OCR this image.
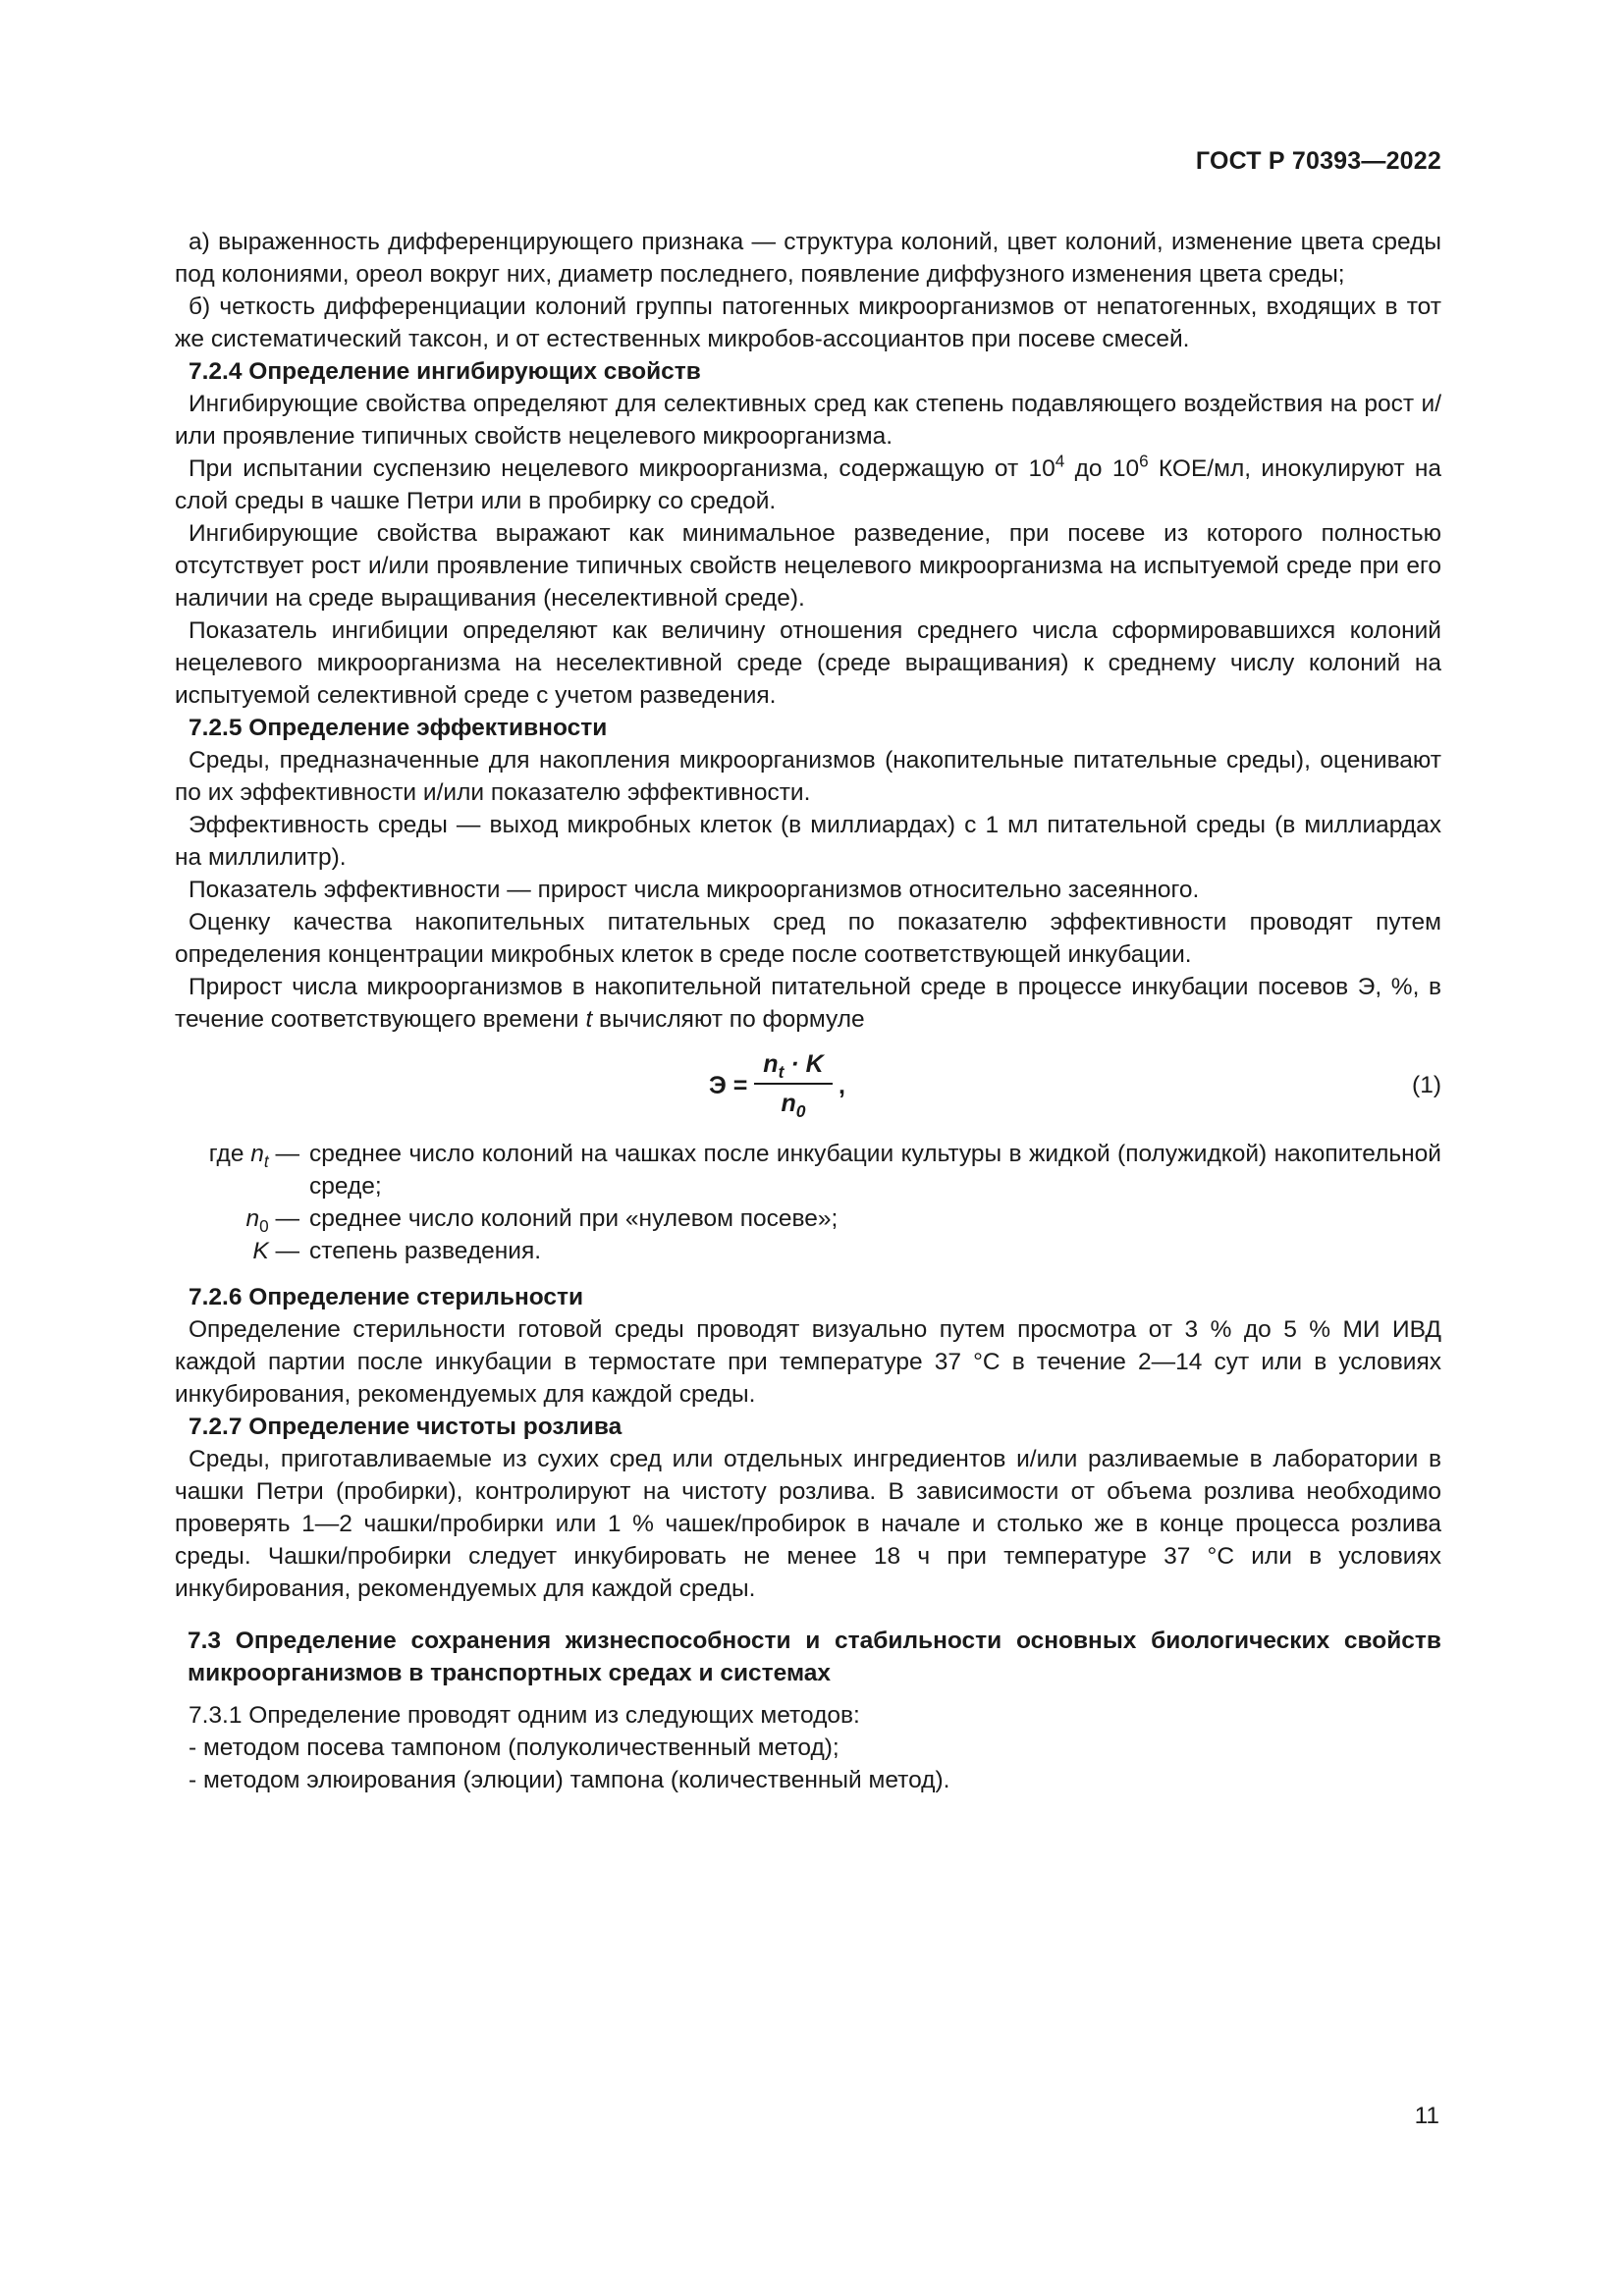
ГОСТ Р 70393—2022

а) выраженность дифференцирующего признака — структура колоний, цвет колоний, изменение цвета среды под колониями, ореол вокруг них, диаметр последнего, появление диффузного изменения цвета среды;

б) четкость дифференциации колоний группы патогенных микроорганизмов от непатогенных, входящих в тот же систематический таксон, и от естественных микробов-ассоциантов при посеве смесей.

7.2.4 Определение ингибирующих свойств

Ингибирующие свойства определяют для селективных сред как степень подавляющего воздействия на рост и/или проявление типичных свойств нецелевого микроорганизма.

При испытании суспензию нецелевого микроорганизма, содержащую от $10^4$ до $10^6$ КОЕ/мл, инокулируют на слой среды в чашке Петри или в пробирку со средой.

Ингибирующие свойства выражают как минимальное разведение, при посеве из которого полностью отсутствует рост и/или проявление типичных свойств нецелевого микроорганизма на испытуемой среде при его наличии на среде выращивания (неселективной среде).

Показатель ингибиции определяют как величину отношения среднего числа сформировавшихся колоний нецелевого микроорганизма на неселективной среде (среде выращивания) к среднему числу колоний на испытуемой селективной среде с учетом разведения.

7.2.5 Определение эффективности

Среды, предназначенные для накопления микроорганизмов (накопительные питательные среды), оценивают по их эффективности и/или показателю эффективности.

Эффективность среды — выход микробных клеток (в миллиардах) с 1 мл питательной среды (в миллиардах на миллилитр).

Показатель эффективности — прирост числа микроорганизмов относительно засеянного.

Оценку качества накопительных питательных сред по показателю эффективности проводят путем определения концентрации микробных клеток в среде после соответствующей инкубации.

Прирост числа микроорганизмов в накопительной питательной среде в процессе инкубации посевов Э, %, в течение соответствующего времени t вычисляют по формуле

Э =
$n_t \cdot K$
$n_0$
,	(1)
где $n_t$ — среднее число колоний на чашках после инкубации культуры в жидкой (полужидкой) накопительной среде;
$n_0$ — среднее число колоний при «нулевом посеве»;
K — степень разведения.

7.2.6 Определение стерильности

Определение стерильности готовой среды проводят визуально путем просмотра от 3 % до 5 % МИ ИВД каждой партии после инкубации в термостате при температуре 37 °С в течение 2—14 сут или в условиях инкубирования, рекомендуемых для каждой среды.

7.2.7 Определение чистоты розлива

Среды, приготавливаемые из сухих сред или отдельных ингредиентов и/или разливаемые в лаборатории в чашки Петри (пробирки), контролируют на чистоту розлива. В зависимости от объема розлива необходимо проверять 1—2 чашки/пробирки или 1 % чашек/пробирок в начале и столько же в конце процесса розлива среды. Чашки/пробирки следует инкубировать не менее 18 ч при температуре 37 °С или в условиях инкубирования, рекомендуемых для каждой среды.

7.3 Определение сохранения жизнеспособности и стабильности основных биологических свойств микроорганизмов в транспортных средах и системах

7.3.1 Определение проводят одним из следующих методов:

- методом посева тампоном (полуколичественный метод);

- методом элюирования (элюции) тампона (количественный метод).

11
